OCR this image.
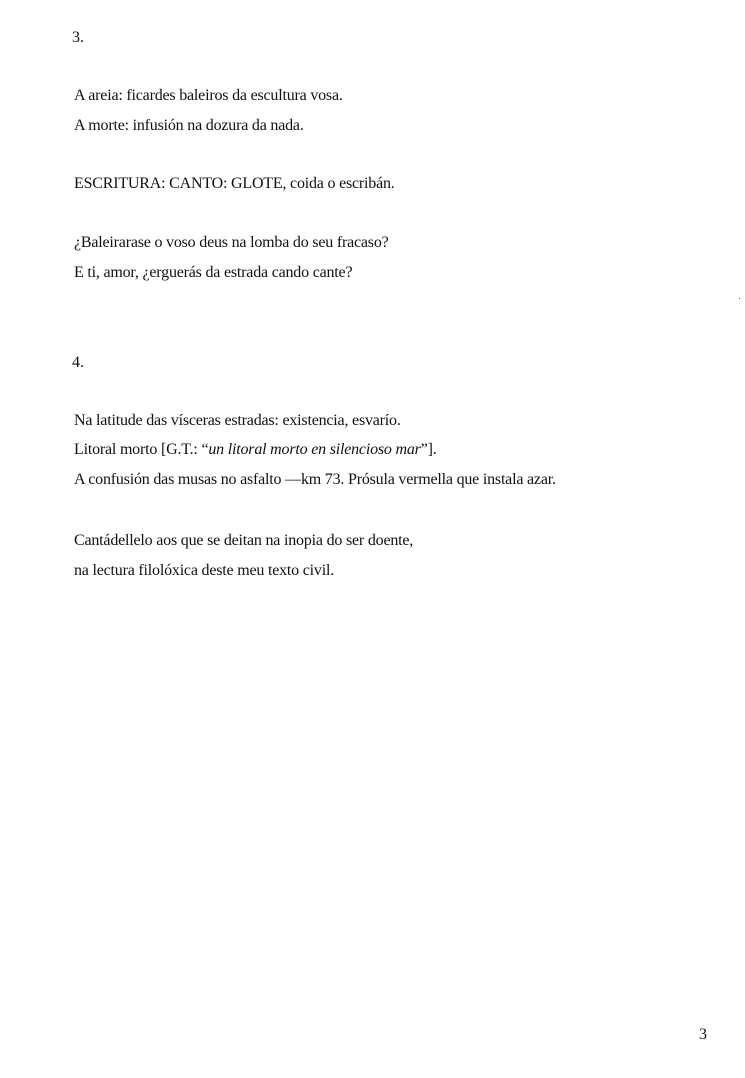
3.
A areia: ficardes baleiros da escultura vosa.
A morte: infusión na dozura da nada.
ESCRITURA: CANTO: GLOTE, coida o escribán.
¿Baleirarase o voso deus na lomba do seu fracaso?
E ti, amor, ¿erguerás da estrada cando cante?
4.
Na latitude das vísceras estradas: existencia, esvarío.
Litoral morto [G.T.: “un litoral morto en silencioso mar”].
A confusión das musas no asfalto —km 73. Prósula vermella que instala azar.
Cantádellelo aos que se deitan na inopia do ser doente,
na lectura filolóxica deste meu texto civil.
3
